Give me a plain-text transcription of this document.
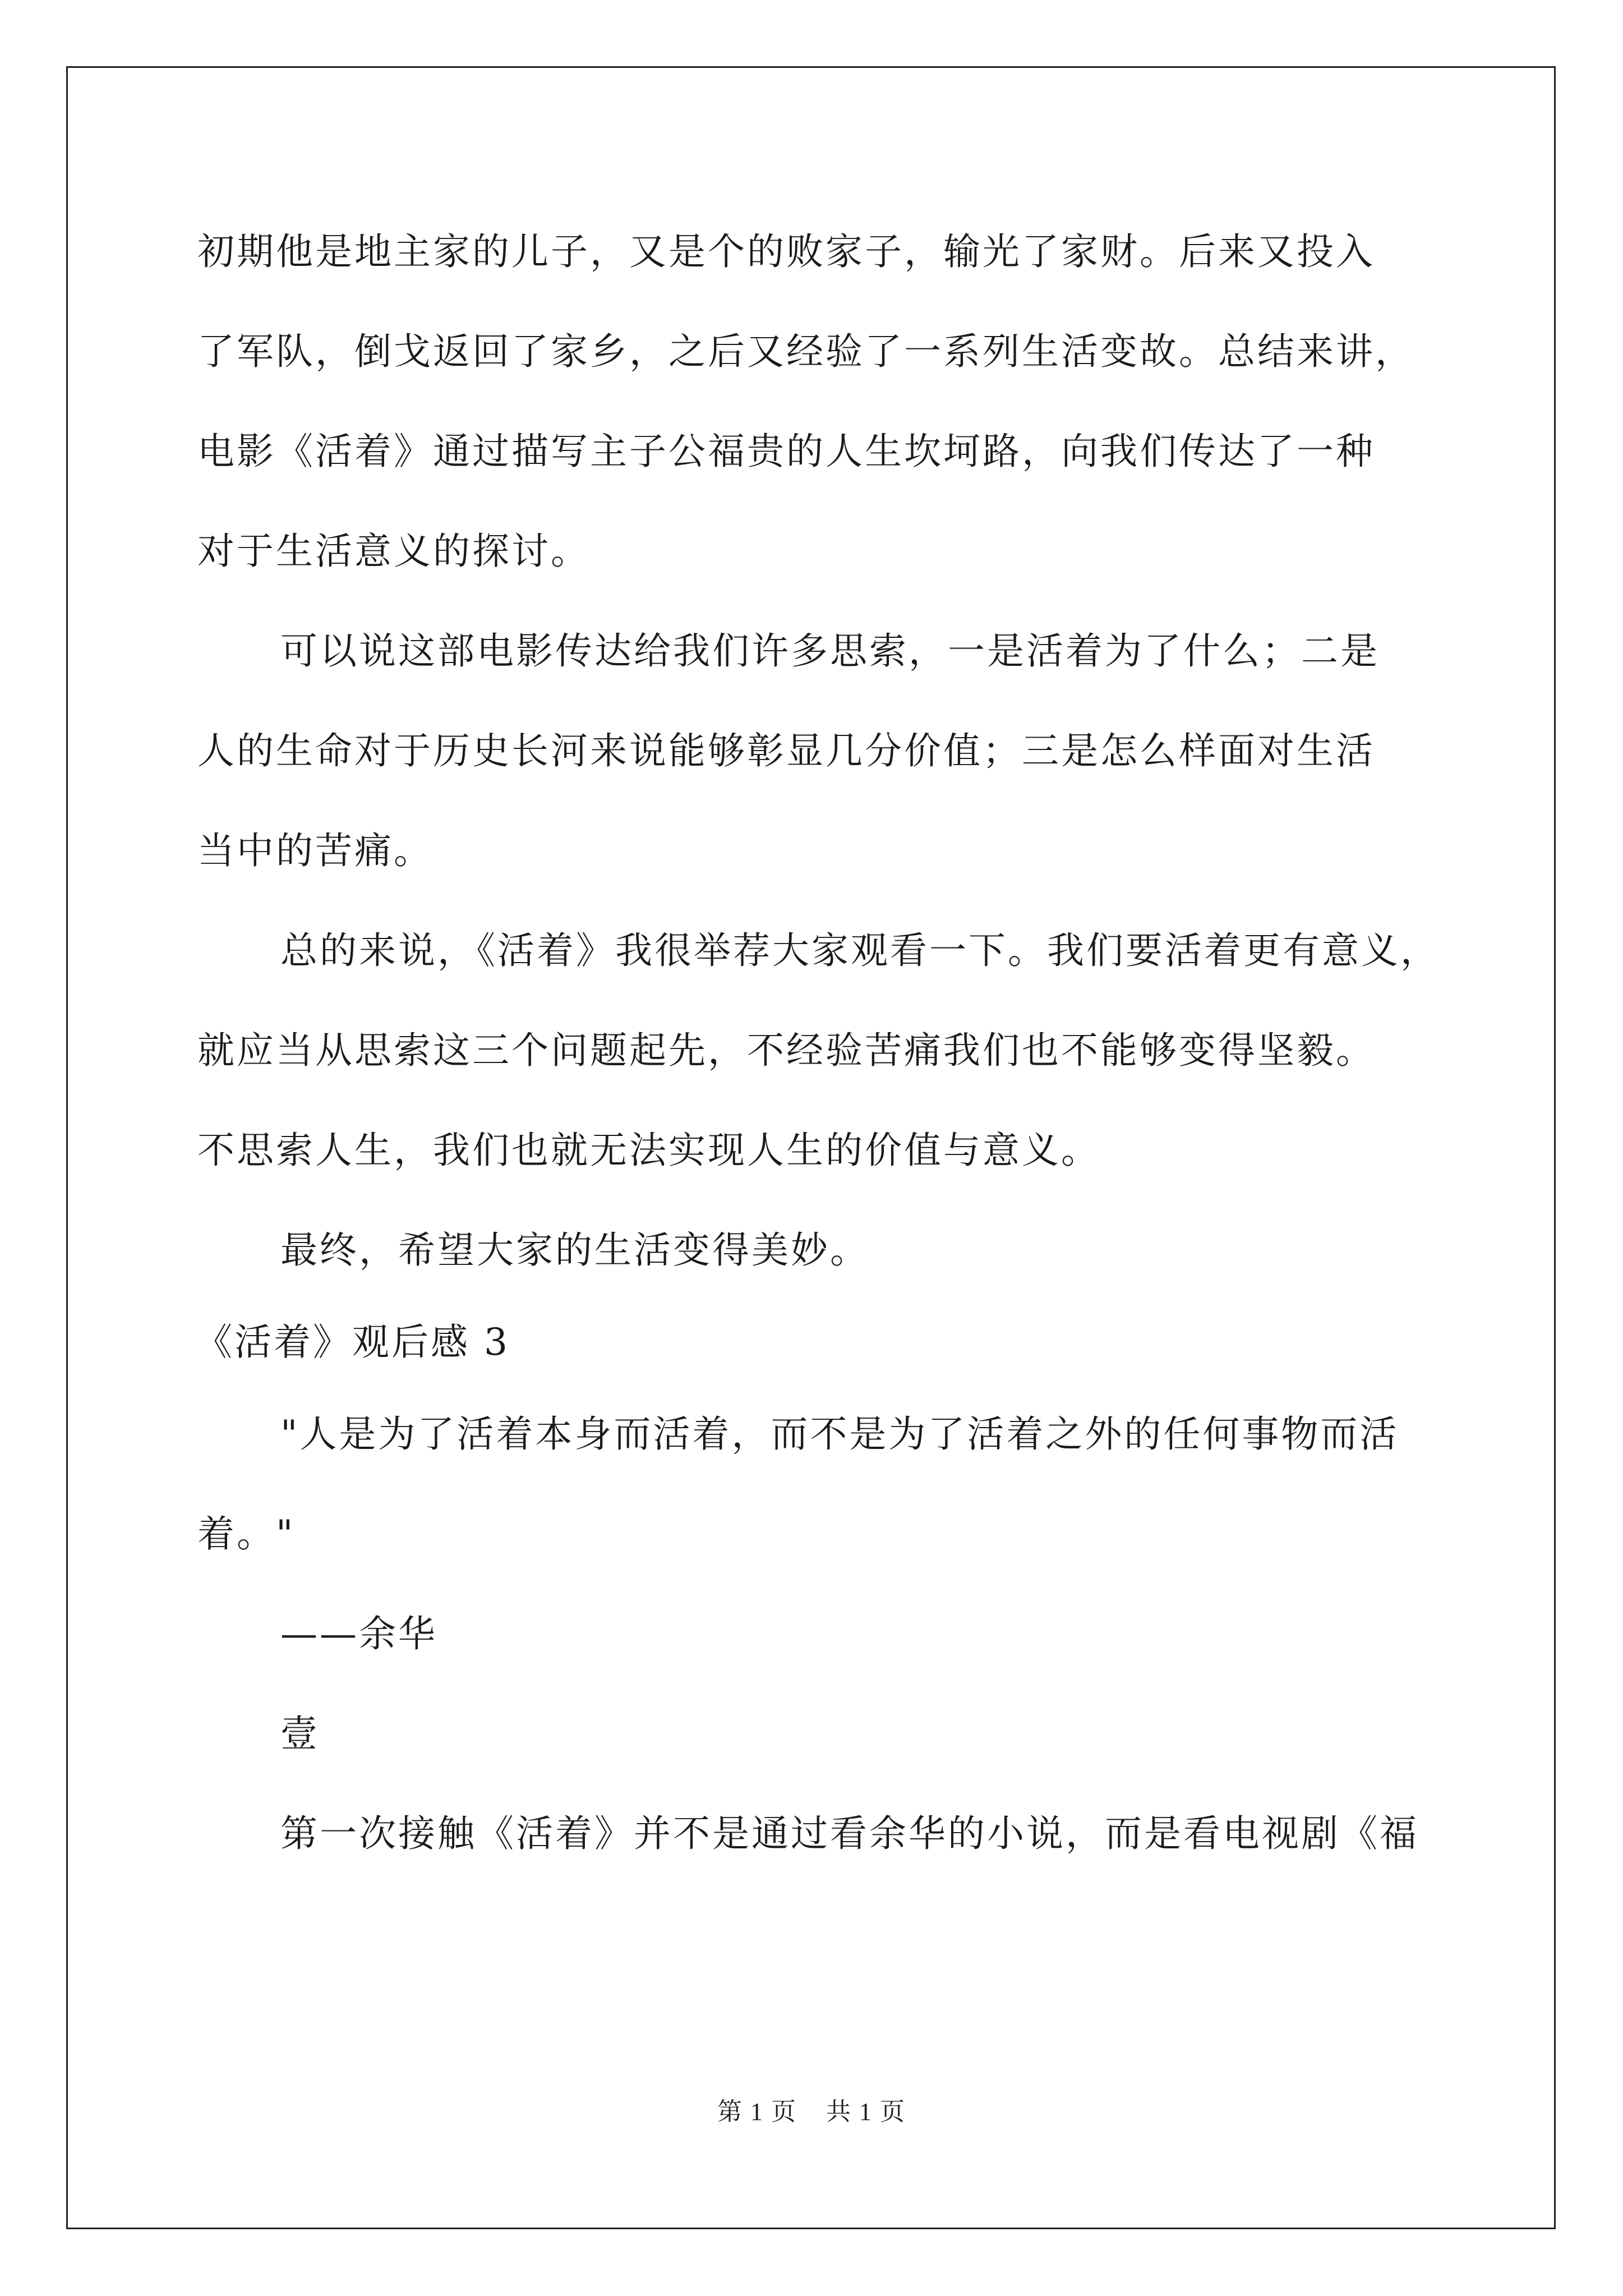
初期他是地主家的儿子，又是个的败家子，输光了家财。后来又投入
了军队，倒戈返回了家乡，之后又经验了一系列生活变故。总结来讲，
电影《活着》通过描写主子公福贵的人生坎坷路，向我们传达了一种
对于生活意义的探讨。
可以说这部电影传达给我们许多思索，一是活着为了什么；二是
人的生命对于历史长河来说能够彰显几分价值；三是怎么样面对生活
当中的苦痛。
总的来说，《活着》我很举荐大家观看一下。我们要活着更有意义，
就应当从思索这三个问题起先，不经验苦痛我们也不能够变得坚毅。
不思索人生，我们也就无法实现人生的价值与意义。
最终，希望大家的生活变得美妙。
《活着》观后感 3
"人是为了活着本身而活着，而不是为了活着之外的任何事物而活
着。"
——余华
壹
第一次接触《活着》并不是通过看余华的小说，而是看电视剧《福
第 1 页 共 1 页
